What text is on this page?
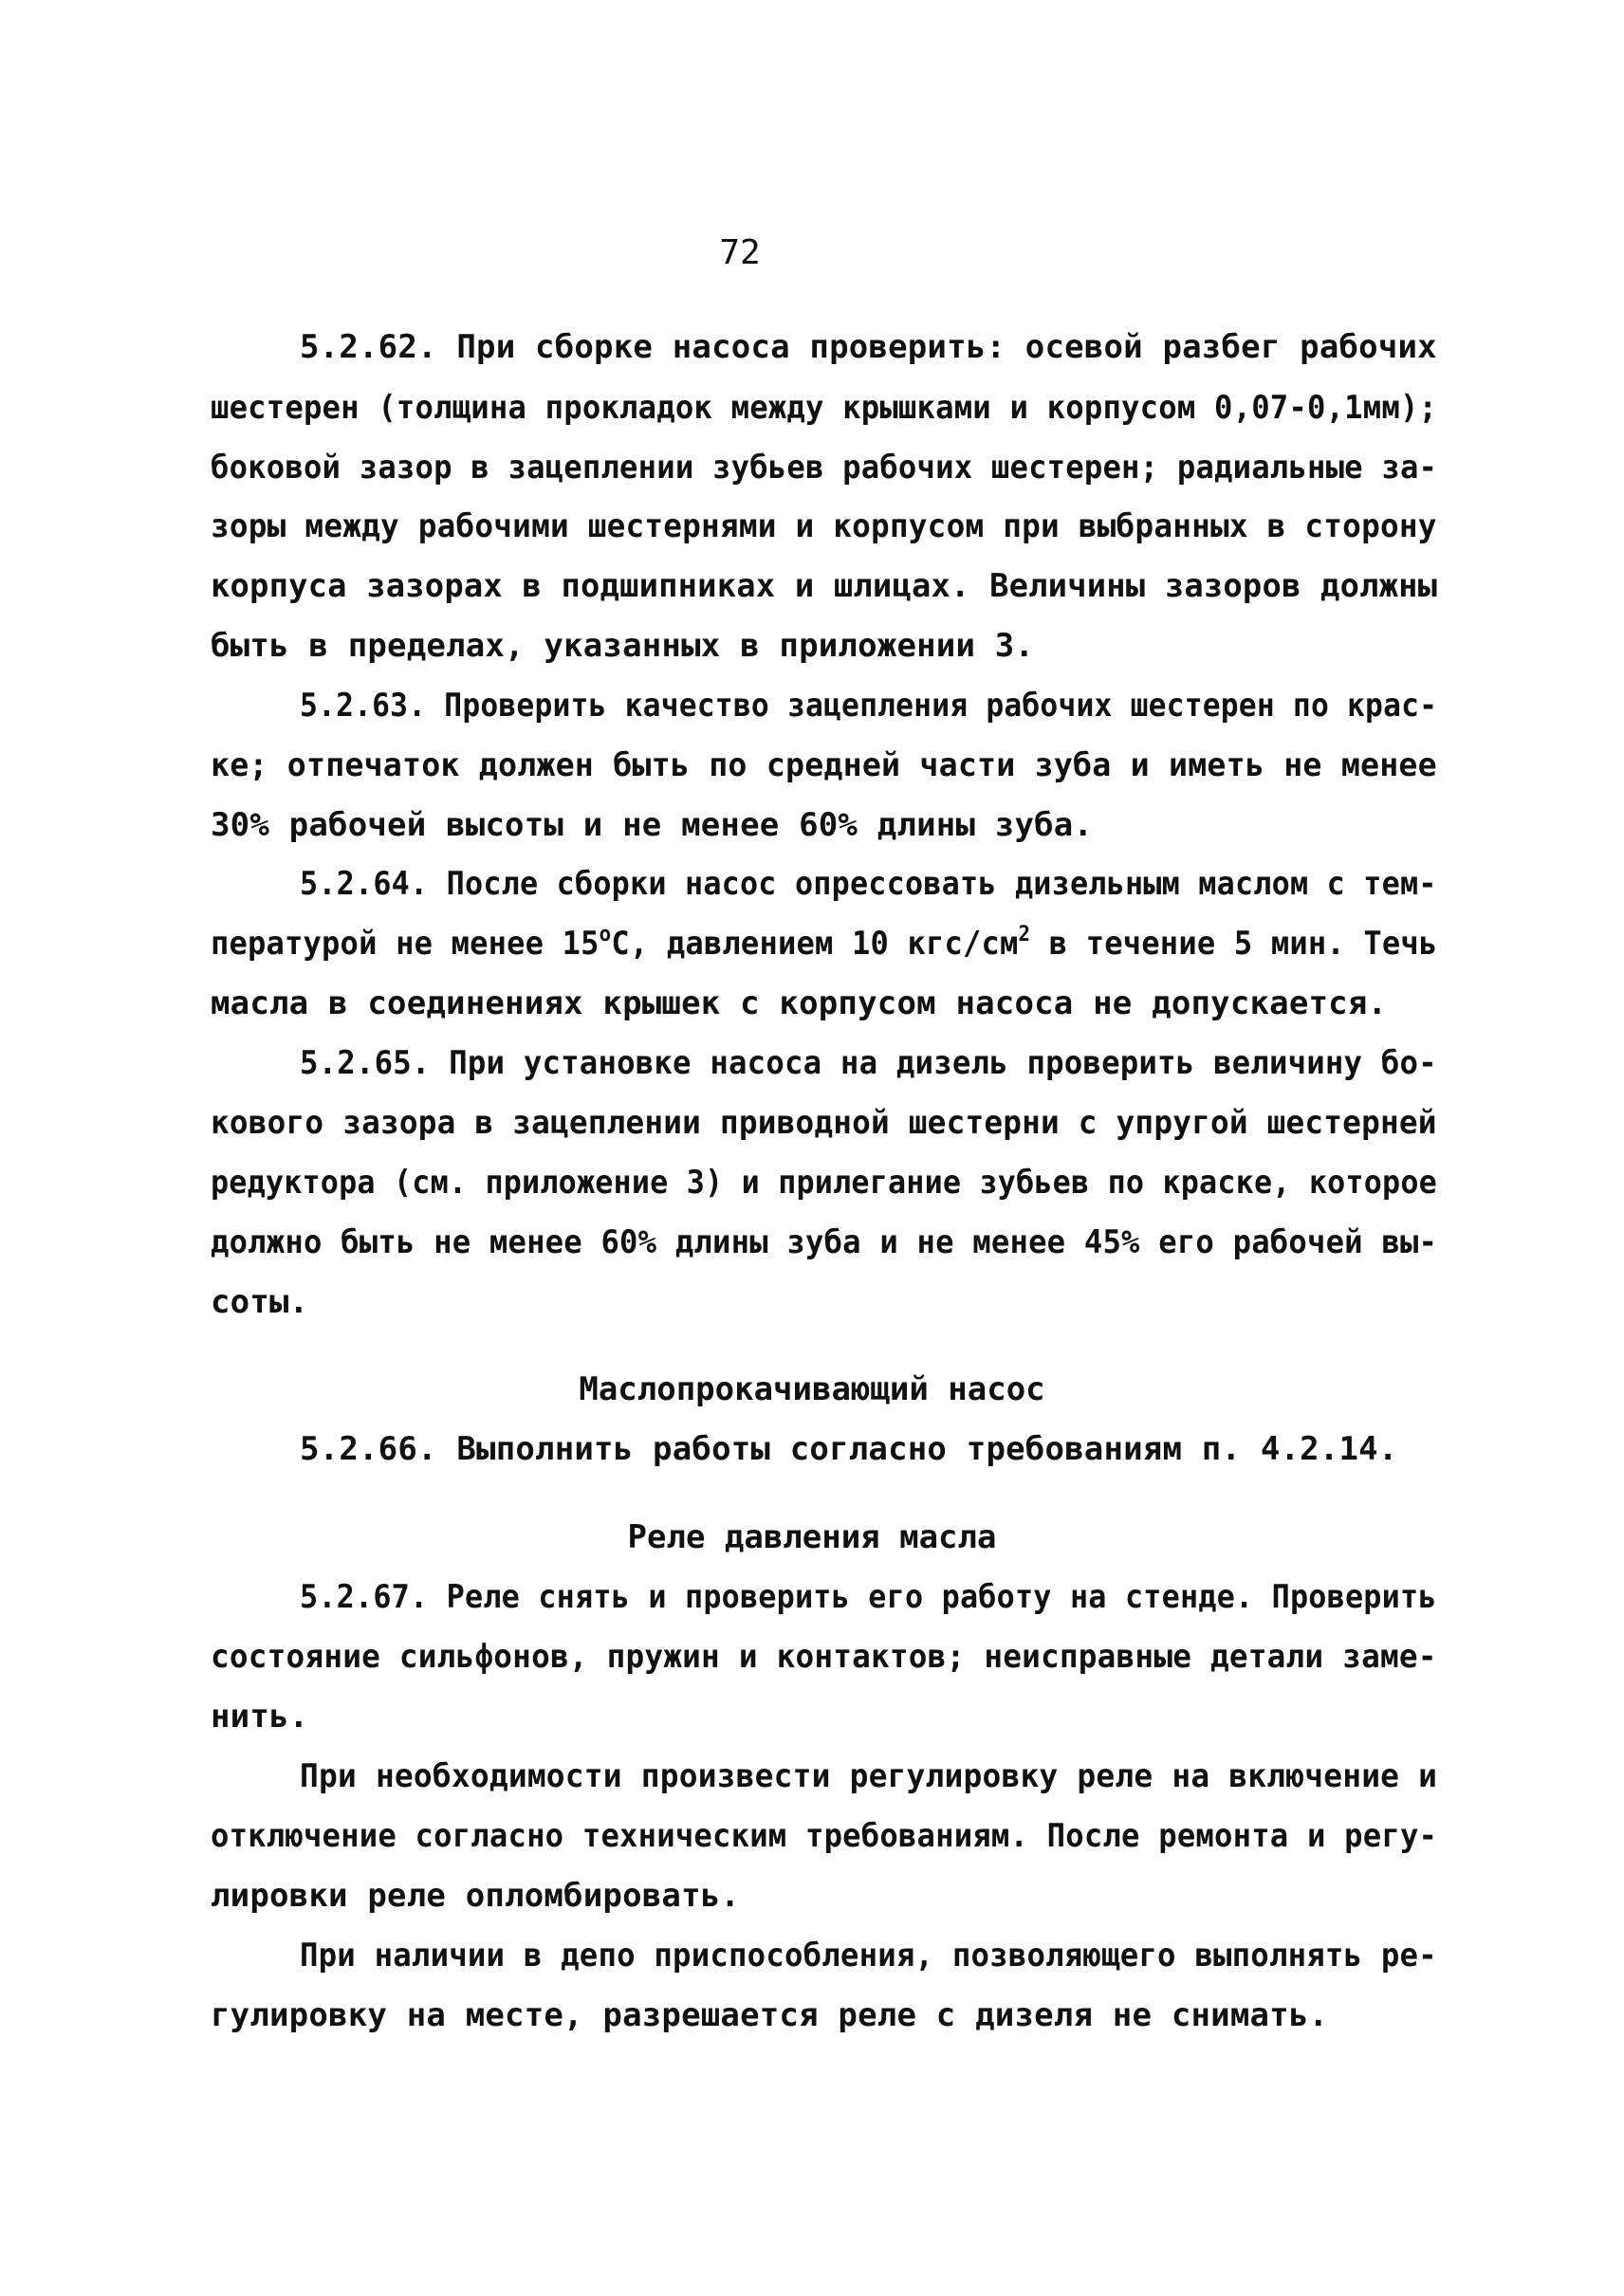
72
5.2.62. При сборке насоса проверить: осевой разбег рабочих
шестерен (толщина прокладок между крышками и корпусом 0,07-0,1мм);
боковой зазор в зацеплении зубьев рабочих шестерен; радиальные за-
зоры между рабочими шестернями и корпусом при выбранных в сторону
корпуса зазорах в подшипниках и шлицах. Величины зазоров должны
быть в пределах, указанных в приложении 3.
5.2.63. Проверить качество зацепления рабочих шестерен по крас-
ке; отпечаток должен быть по средней части зуба и иметь не менее
30% рабочей высоты и не менее 60% длины зуба.
5.2.64. После сборки насос опрессовать дизельным маслом с тем-
пературой не менее $15^оС$, давлением 10 кгс/$см^2$ в течение 5 мин. Течь
масла в соединениях крышек с корпусом насоса не допускается.
5.2.65. При установке насоса на дизель проверить величину бо-
кового зазора в зацеплении приводной шестерни с упругой шестерней
редуктора (см. приложение 3) и прилегание зубьев по краске, которое
должно быть не менее 60% длины зуба и не менее 45% его рабочей вы-
соты.
Маслопрокачивающий насос
5.2.66. Выполнить работы согласно требованиям п. 4.2.14.
Реле давления масла
5.2.67. Реле снять и проверить его работу на стенде. Проверить
состояние сильфонов, пружин и контактов; неисправные детали заме-
нить.
При необходимости произвести регулировку реле на включение и
отключение согласно техническим требованиям. После ремонта и регу-
лировки реле опломбировать.
При наличии в депо приспособления, позволяющего выполнять ре-
гулировку на месте, разрешается реле с дизеля не снимать.
